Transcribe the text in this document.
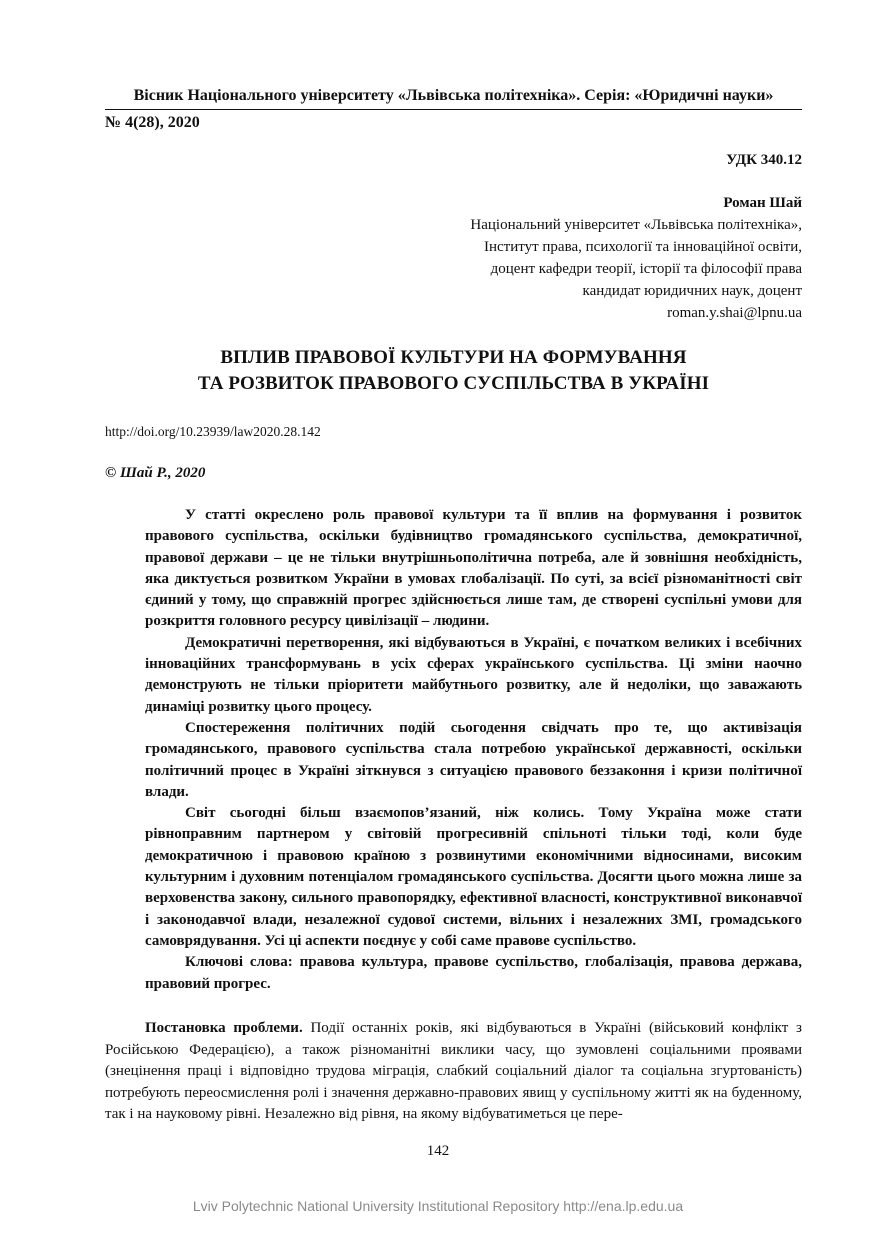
Вісник Національного університету «Львівська політехніка». Серія: «Юридичні науки»
№ 4(28), 2020
УДК 340.12
Роман Шай
Національний університет «Львівська політехніка»,
Інститут права, психології та інноваційної освіти,
доцент кафедри теорії, історії та філософії права
кандидат юридичних наук, доцент
roman.y.shai@lpnu.ua
ВПЛИВ ПРАВОВОЇ КУЛЬТУРИ НА ФОРМУВАННЯ
ТА РОЗВИТОК ПРАВОВОГО СУСПІЛЬСТВА В УКРАЇНІ
http://doi.org/10.23939/law2020.28.142
© Шай Р., 2020

У статті окреслено роль правової культури та її вплив на формування і розвиток правового суспільства, оскільки будівництво громадянського суспільства, демократичної, правової держави – це не тільки внутрішньополітична потреба, але й зовнішня необхідність, яка диктується розвитком України в умовах глобалізації. По суті, за всієї різноманітності світ єдиний у тому, що справжній прогрес здійснюється лише там, де створені суспільні умови для розкриття головного ресурсу цивілізації – людини.

Демократичні перетворення, які відбуваються в Україні, є початком великих і всебічних інноваційних трансформувань в усіх сферах українського суспільства. Ці зміни наочно демонструють не тільки пріоритети майбутнього розвитку, але й недоліки, що заважають динаміці розвитку цього процесу.

Спостереження політичних подій сьогодення свідчать про те, що активізація громадянського, правового суспільства стала потребою української державності, оскільки політичний процес в Україні зіткнувся з ситуацією правового беззаконня і кризи політичної влади.

Світ сьогодні більш взаємопов’язаний, ніж колись. Тому Україна може стати рівноправним партнером у світовій прогресивній спільноті тільки тоді, коли буде демократичною і правовою країною з розвинутими економічними відносинами, високим культурним і духовним потенціалом громадянського суспільства. Досягти цього можна лише за верховенства закону, сильного правопорядку, ефективної власності, конструктивної виконавчої і законодавчої влади, незалежної судової системи, вільних і незалежних ЗМІ, громадського самоврядування. Усі ці аспекти поєднує у собі саме правове суспільство.

Ключові слова: правова культура, правове суспільство, глобалізація, правова держава, правовий прогрес.

Постановка проблеми. Події останніх років, які відбуваються в Україні (військовий конфлікт з Російською Федерацією), а також різноманітні виклики часу, що зумовлені соціальними проявами (знецінення праці і відповідно трудова міграція, слабкий соціальний діалог та соціальна згуртованість) потребують переосмислення ролі і значення державно-правових явищ у суспільному житті як на буденному, так і на науковому рівні. Незалежно від рівня, на якому відбуватиметься це пере-

142
Lviv Polytechnic National University Institutional Repository http://ena.lp.edu.ua
